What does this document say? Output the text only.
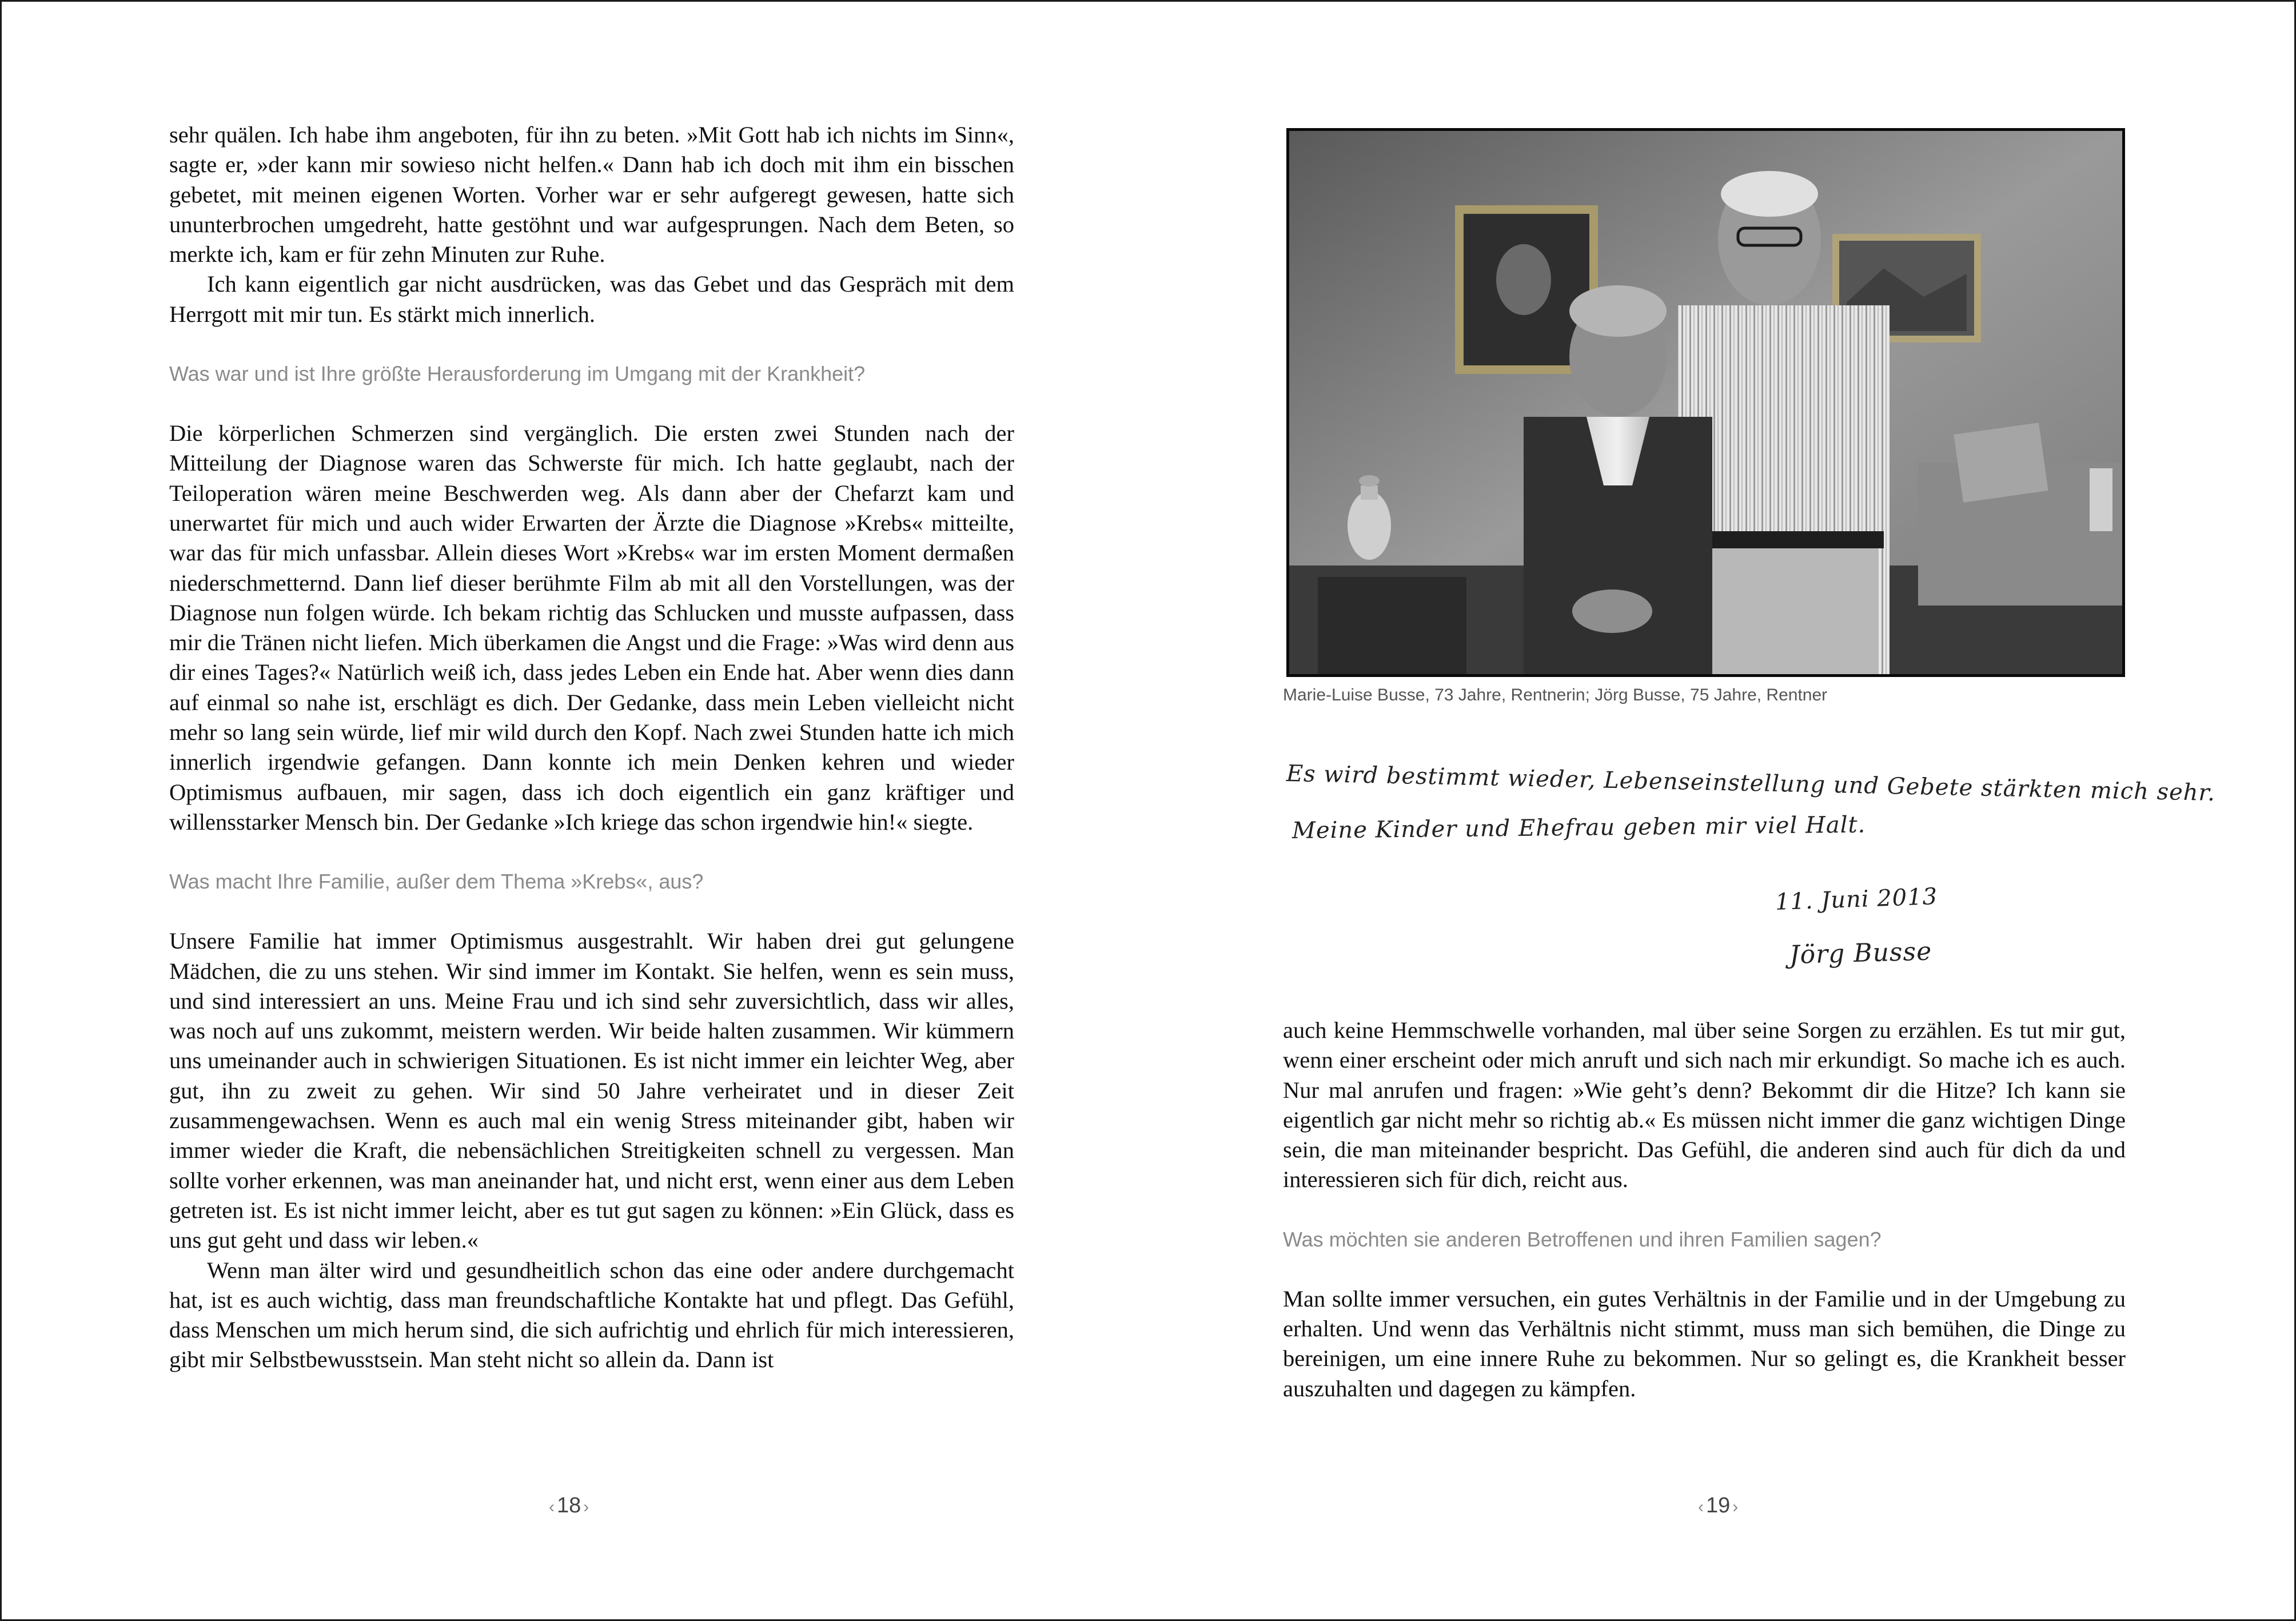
sehr quälen. Ich habe ihm angeboten, für ihn zu beten. »Mit Gott hab ich nichts im Sinn«, sagte er, »der kann mir sowieso nicht helfen.« Dann hab ich doch mit ihm ein bisschen gebetet, mit meinen eigenen Worten. Vorher war er sehr aufgeregt gewesen, hatte sich ununterbrochen umgedreht, hatte gestöhnt und war aufgesprungen. Nach dem Beten, so merkte ich, kam er für zehn Minuten zur Ruhe.

Ich kann eigentlich gar nicht ausdrücken, was das Gebet und das Gespräch mit dem Herrgott mit mir tun. Es stärkt mich innerlich.

Was war und ist Ihre größte Herausforderung im Umgang mit der Krankheit?

Die körperlichen Schmerzen sind vergänglich. Die ersten zwei Stunden nach der Mitteilung der Diagnose waren das Schwerste für mich. Ich hatte geglaubt, nach der Teiloperation wären meine Beschwerden weg. Als dann aber der Chefarzt kam und unerwartet für mich und auch wider Erwarten der Ärzte die Diagnose »Krebs« mitteilte, war das für mich unfassbar. Allein dieses Wort »Krebs« war im ersten Moment dermaßen niederschmetternd. Dann lief dieser berühmte Film ab mit all den Vorstellungen, was der Diagnose nun folgen würde. Ich bekam richtig das Schlucken und musste aufpassen, dass mir die Tränen nicht liefen. Mich überkamen die Angst und die Frage: »Was wird denn aus dir eines Tages?« Natürlich weiß ich, dass jedes Leben ein Ende hat. Aber wenn dies dann auf einmal so nahe ist, erschlägt es dich. Der Gedanke, dass mein Leben vielleicht nicht mehr so lang sein würde, lief mir wild durch den Kopf. Nach zwei Stunden hatte ich mich innerlich irgendwie gefangen. Dann konnte ich mein Denken kehren und wieder Optimismus aufbauen, mir sagen, dass ich doch eigentlich ein ganz kräftiger und willensstarker Mensch bin. Der Gedanke »Ich kriege das schon irgendwie hin!« siegte.

Was macht Ihre Familie, außer dem Thema »Krebs«, aus?

Unsere Familie hat immer Optimismus ausgestrahlt. Wir haben drei gut gelungene Mädchen, die zu uns stehen. Wir sind immer im Kontakt. Sie helfen, wenn es sein muss, und sind interessiert an uns. Meine Frau und ich sind sehr zuversichtlich, dass wir alles, was noch auf uns zukommt, meistern werden. Wir beide halten zusammen. Wir kümmern uns umeinander auch in schwierigen Situationen. Es ist nicht immer ein leichter Weg, aber gut, ihn zu zweit zu gehen. Wir sind 50 Jahre verheiratet und in dieser Zeit zusammengewachsen. Wenn es auch mal ein wenig Stress miteinander gibt, haben wir immer wieder die Kraft, die nebensächlichen Streitigkeiten schnell zu vergessen. Man sollte vorher erkennen, was man aneinander hat, und nicht erst, wenn einer aus dem Leben getreten ist. Es ist nicht immer leicht, aber es tut gut sagen zu können: »Ein Glück, dass es uns gut geht und dass wir leben.«

Wenn man älter wird und gesundheitlich schon das eine oder andere durchgemacht hat, ist es auch wichtig, dass man freundschaftliche Kontakte hat und pflegt. Das Gefühl, dass Menschen um mich herum sind, die sich aufrichtig und ehrlich für mich interessieren, gibt mir Selbstbewusstsein. Man steht nicht so allein da. Dann ist

‹ 18 ›
Marie-Luise Busse, 73 Jahre, Rentnerin; Jörg Busse, 75 Jahre, Rentner
Es wird bestimmt wieder, Lebenseinstellung und Gebete stärkten mich sehr.
Meine Kinder und Ehefrau geben mir viel Halt.
11. Juni 2013
Jörg Busse

auch keine Hemmschwelle vorhanden, mal über seine Sorgen zu erzählen. Es tut mir gut, wenn einer erscheint oder mich anruft und sich nach mir erkundigt. So mache ich es auch. Nur mal anrufen und fragen: »Wie geht’s denn? Bekommt dir die Hitze? Ich kann sie eigentlich gar nicht mehr so richtig ab.« Es müssen nicht immer die ganz wichtigen Dinge sein, die man miteinander bespricht. Das Gefühl, die anderen sind auch für dich da und interessieren sich für dich, reicht aus.

Was möchten sie anderen Betroffenen und ihren Familien sagen?

Man sollte immer versuchen, ein gutes Verhältnis in der Familie und in der Umgebung zu erhalten. Und wenn das Verhältnis nicht stimmt, muss man sich bemühen, die Dinge zu bereinigen, um eine innere Ruhe zu bekommen. Nur so gelingt es, die Krankheit besser auszuhalten und dagegen zu kämpfen.

‹ 19 ›
